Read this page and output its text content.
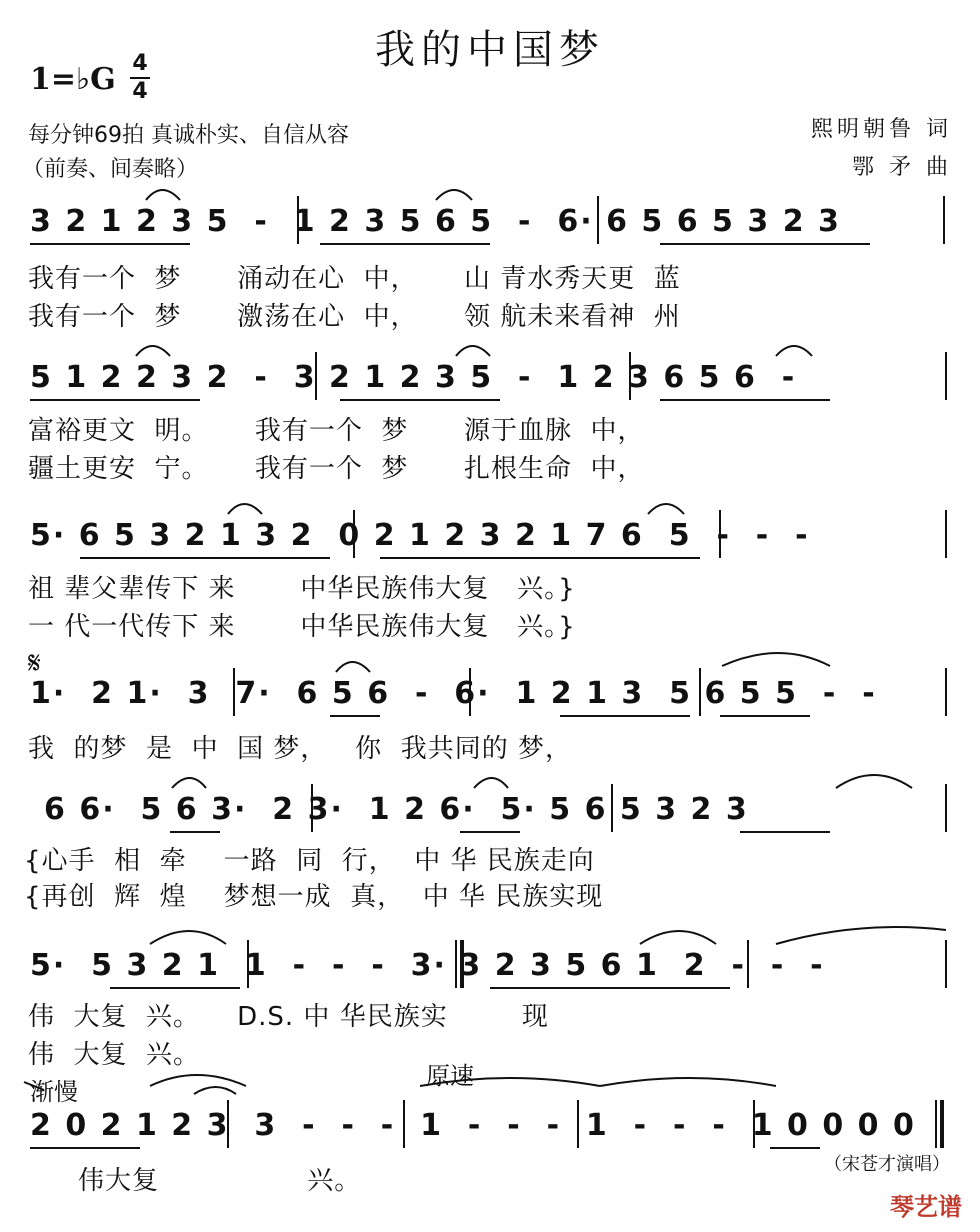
我的中国梦
1=♭G 4
4
每分钟69拍 真诚朴实、自信从容
（前奏、间奏略）
熙明朝鲁 词
鄂 矛 曲
3 2 1 2 3 5  -  1 2 3 5 6 5  -  6· 6 5 6 5 3 2 3
我有一个  梦      涌动在心  中，     山 青水秀天更  蓝
我有一个  梦      激荡在心  中，     领 航未来看神  州
5 1 2 2 3 2  -  3 2 1 2 3 5  -  1 2 3 6 5 6  -
富裕更文  明。     我有一个  梦      源于血脉  中，
疆土更安  宁。     我有一个  梦      扎根生命  中，
5· 6 5 3 2 1 3 2  0 2 1 2 3 2 1 7 6  5  -  -  -
祖 辈父辈传下 来       中华民族伟大复   兴。}
一 代一代传下 来       中华民族伟大复   兴。}
𝄋
1·  2 1·  3  7·  6 5 6  -  6·  1 2 1 3  5 6 5 5  -  -
我  的梦  是  中  国 梦，   你  我共同的 梦，
6 6·  5 6 3·  2 3·  1 2 6·  5· 5 6 5 3 2 3
{心手  相  牵    一路  同  行，  中 华 民族走向
{再创  辉  煌    梦想一成  真，  中 华 民族实现
5·  5 3 2 1  1  -  -  -  3· 3 2 3 5 6 1  2  -  -  -
伟  大复  兴。    D.S. 中 华民族实        现
伟  大复  兴。
渐慢
原速
2 0 2 1 2 3  3  -  -  -  1  -  -  -  1  -  -  -  1 0 0 0 0
伟大复                兴。
（宋苍才演唱）
琴艺谱
